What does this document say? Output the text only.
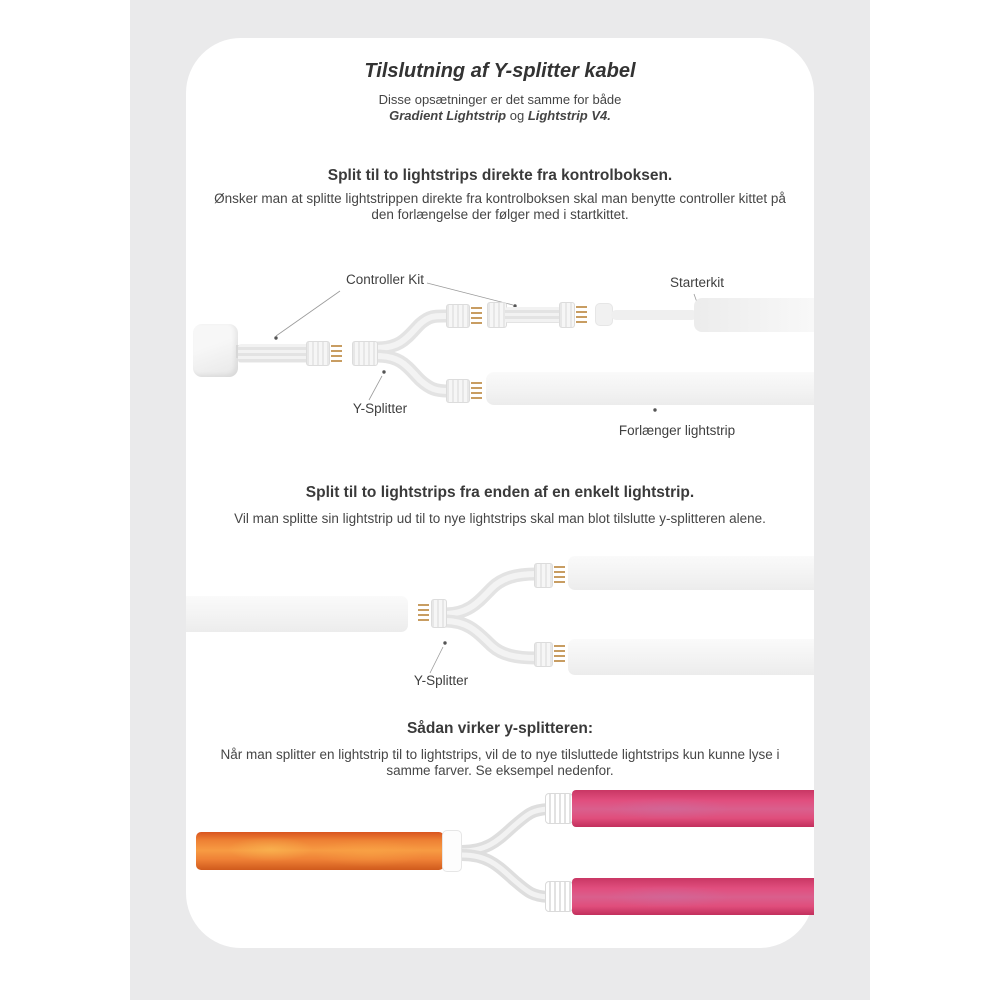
Tilslutning af Y-splitter kabel
Disse opsætninger er det samme for både
Gradient Lightstrip og Lightstrip V4.
Split til to lightstrips direkte fra kontrolboksen.
Ønsker man at splitte lightstrippen direkte fra kontrolboksen skal man benytte controller kittet på den forlængelse der følger med i startkittet.
Controller Kit	Starterkit
Y-Splitter
Forlænger lightstrip
Split til to lightstrips fra enden af en enkelt lightstrip.
Vil man splitte sin lightstrip ud til to nye lightstrips skal man blot tilslutte y-splitteren alene.
Y-Splitter
Sådan virker y-splitteren:
Når man splitter en lightstrip til to lightstrips, vil de to nye tilsluttede lightstrips kun kunne lyse i samme farver. Se eksempel nedenfor.
